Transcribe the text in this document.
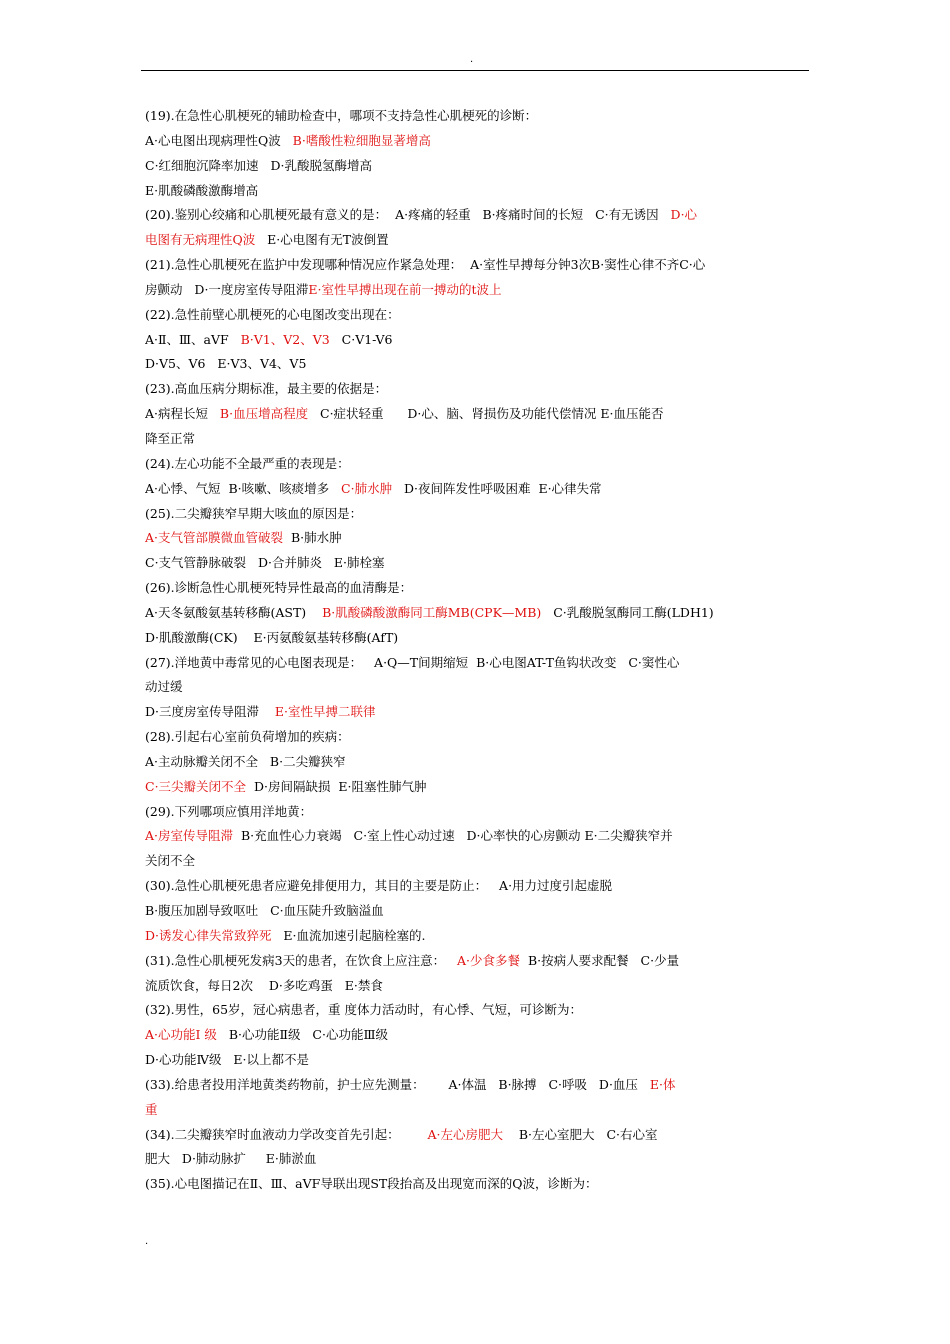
.
(19).在急性心肌梗死的辅助检查中，哪项不支持急性心肌梗死的诊断：
A·心电图出现病理性Q波   B·嗜酸性粒细胞显著增高
C·红细胞沉降率加速   D·乳酸脱氢酶增高
E·肌酸磷酸激酶增高
(20).鉴别心绞痛和心肌梗死最有意义的是：  A·疼痛的轻重   B·疼痛时间的长短   C·有无诱因   D·心
电图有无病理性Q波   E·心电图有无T波倒置
(21).急性心肌梗死在监护中发现哪种情况应作紧急处理：  A·室性早搏每分钟3次B·窦性心律不齐C·心
房颤动   D·一度房室传导阻滞E·室性早搏出现在前一搏动的t波上
(22).急性前壁心肌梗死的心电图改变出现在：
A·Ⅱ、Ⅲ、aVF   B·V1、V2、V3   C·V1-V6
D·V5、V6   E·V3、V4、V5
(23).高血压病分期标准，最主要的依据是：
A·病程长短   B·血压增高程度   C·症状轻重      D·心、脑、肾损伤及功能代偿情况 E·血压能否
降至正常
(24).左心功能不全最严重的表现是：
A·心悸、气短  B·咳嗽、咳痰增多   C·肺水肿   D·夜间阵发性呼吸困难  E·心律失常
(25).二尖瓣狭窄早期大咳血的原因是：
A·支气管部膜微血管破裂  B·肺水肿
C·支气管静脉破裂   D·合并肺炎   E·肺栓塞
(26).诊断急性心肌梗死特异性最高的血清酶是：
A·天冬氨酸氨基转移酶(AST)    B·肌酸磷酸激酶同工酶MB(CPK—MB)   C·乳酸脱氢酶同工酶(LDH1)
D·肌酸激酶(CK)    E·丙氨酸氨基转移酶(AfT)
(27).洋地黄中毒常见的心电图表现是：   A·Q—T间期缩短  B·心电图AT-T鱼钩状改变   C·窦性心
动过缓
D·三度房室传导阻滞    E·室性早搏二联律
(28).引起右心室前负荷增加的疾病：
A·主动脉瓣关闭不全   B·二尖瓣狭窄
C·三尖瓣关闭不全  D·房间隔缺损  E·阻塞性肺气肿
(29).下列哪项应慎用洋地黄：
A·房室传导阻滞  B·充血性心力衰竭   C·室上性心动过速   D·心率快的心房颤动 E·二尖瓣狭窄并
关闭不全
(30).急性心肌梗死患者应避免排便用力，其目的主要是防止：   A·用力过度引起虚脱
B·腹压加剧导致呕吐   C·血压陡升致脑溢血
D·诱发心律失常致猝死   E·血流加速引起脑栓塞的.
(31).急性心肌梗死发病3天的患者，在饮食上应注意：   A·少食多餐  B·按病人要求配餐   C·少量
流质饮食，每日2次    D·多吃鸡蛋   E·禁食
(32).男性，65岁，冠心病患者，重 度体力活动时，有心悸、气短，可诊断为：
A·心功能Ⅰ 级   B·心功能Ⅱ级   C·心功能Ⅲ级
D·心功能Ⅳ级   E·以上都不是
(33).给患者投用洋地黄类药物前，护士应先测量：      A·体温   B·脉搏   C·呼吸   D·血压   E·体
重
(34).二尖瓣狭窄时血液动力学改变首先引起：       A·左心房肥大    B·左心室肥大   C·右心室
肥大   D·肺动脉扩     E·肺淤血
(35).心电图描记在Ⅱ、Ⅲ、aVF导联出现ST段抬高及出现宽而深的Q波，诊断为：
.
